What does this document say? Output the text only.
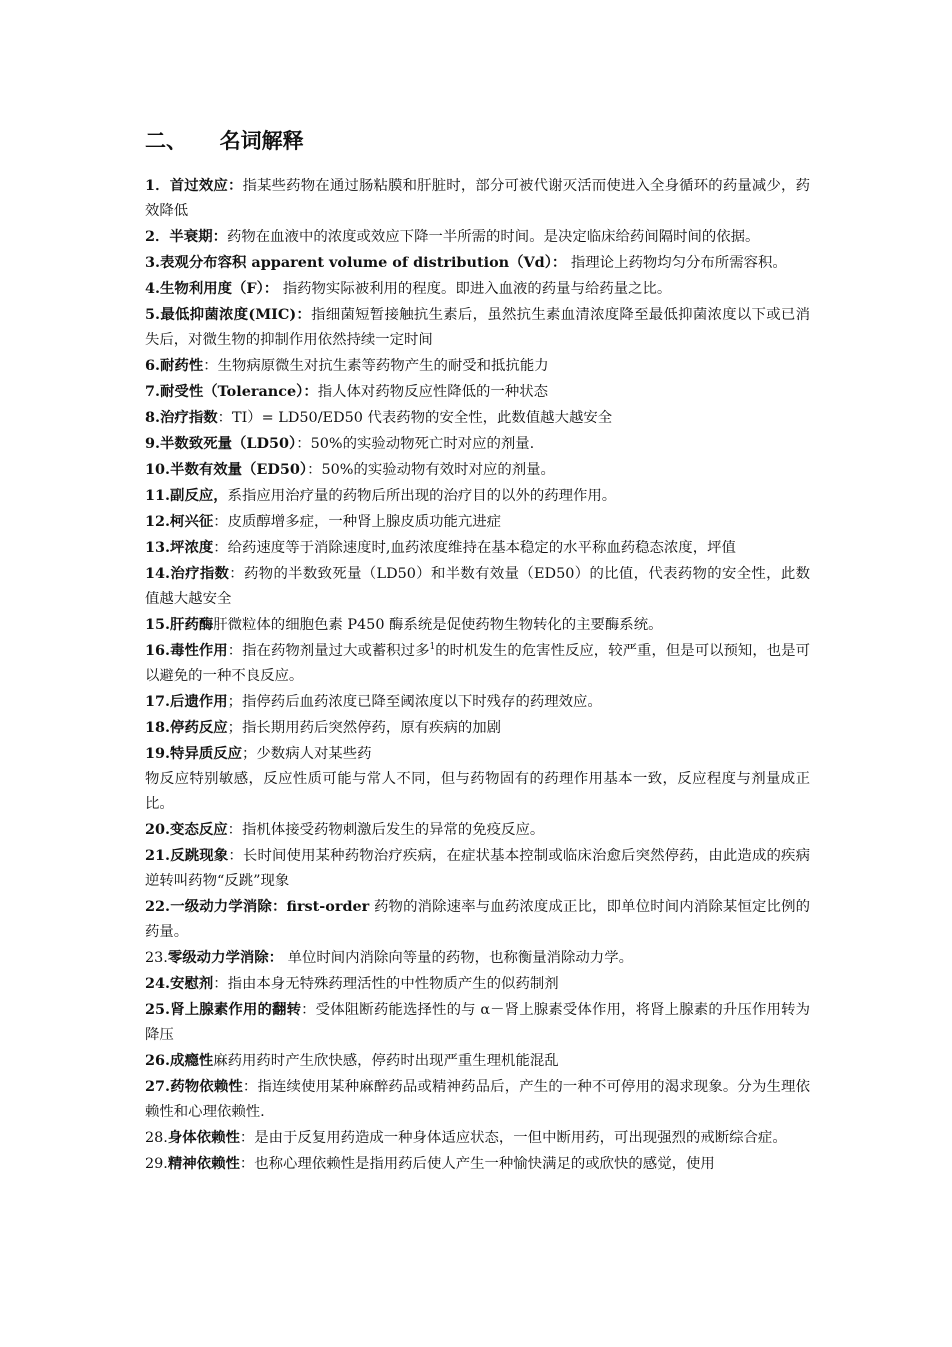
二、 名词解释

1．首过效应：指某些药物在通过肠粘膜和肝脏时，部分可被代谢灭活而使进入全身循环的药量减少，药效降低

2．半衰期：药物在血液中的浓度或效应下降一半所需的时间。是决定临床给药间隔时间的依据。

3.表观分布容积 apparent volume of distribution（Vd）： 指理论上药物均匀分布所需容积。

4.生物利用度（F）： 指药物实际被利用的程度。即进入血液的药量与给药量之比。

5.最低抑菌浓度(MIC)：指细菌短暂接触抗生素后，虽然抗生素血清浓度降至最低抑菌浓度以下或已消失后，对微生物的抑制作用依然持续一定时间

6.耐药性：生物病原微生对抗生素等药物产生的耐受和抵抗能力

7.耐受性（Tolerance）：指人体对药物反应性降低的一种状态

8.治疗指数：TI）= LD50/ED50 代表药物的安全性，此数值越大越安全

9.半数致死量（LD50）：50%的实验动物死亡时对应的剂量.

10.半数有效量（ED50）：50%的实验动物有效时对应的剂量。

11.副反应，系指应用治疗量的药物后所出现的治疗目的以外的药理作用。

12.柯兴征：皮质醇增多症，一种肾上腺皮质功能亢进症

13.坪浓度：给药速度等于消除速度时,血药浓度维持在基本稳定的水平称血药稳态浓度，坪值

14.治疗指数：药物的半数致死量（LD50）和半数有效量（ED50）的比值，代表药物的安全性，此数值越大越安全

15.肝药酶肝微粒体的细胞色素 P450 酶系统是促使药物生物转化的主要酶系统。

16.毒性作用：指在药物剂量过大或蓄积过多$^1$的时机发生的危害性反应，较严重，但是可以预知，也是可以避免的一种不良反应。

17.后遗作用；指停药后血药浓度已降至阈浓度以下时残存的药理效应。

18.停药反应；指长期用药后突然停药，原有疾病的加剧

19.特异质反应；少数病人对某些药

物反应特别敏感，反应性质可能与常人不同，但与药物固有的药理作用基本一致，反应程度与剂量成正比。

20.变态反应：指机体接受药物刺激后发生的异常的免疫反应。

21.反跳现象：长时间使用某种药物治疗疾病，在症状基本控制或临床治愈后突然停药，由此造成的疾病逆转叫药物“反跳”现象

22.一级动力学消除：first-order 药物的消除速率与血药浓度成正比，即单位时间内消除某恒定比例的药量。

23.零级动力学消除： 单位时间内消除向等量的药物，也称衡量消除动力学。

24.安慰剂：指由本身无特殊药理活性的中性物质产生的似药制剂

25.肾上腺素作用的翻转：受体阻断药能选择性的与 α－肾上腺素受体作用，将肾上腺素的升压作用转为降压

26.成瘾性麻药用药时产生欣快感，停药时出现严重生理机能混乱

27.药物依赖性：指连续使用某种麻醉药品或精神药品后，产生的一种不可停用的渴求现象。分为生理依赖性和心理依赖性.

28.身体依赖性：是由于反复用药造成一种身体适应状态，一但中断用药，可出现强烈的戒断综合症。

29.精神依赖性：也称心理依赖性是指用药后使人产生一种愉快满足的或欣快的感觉，使用
